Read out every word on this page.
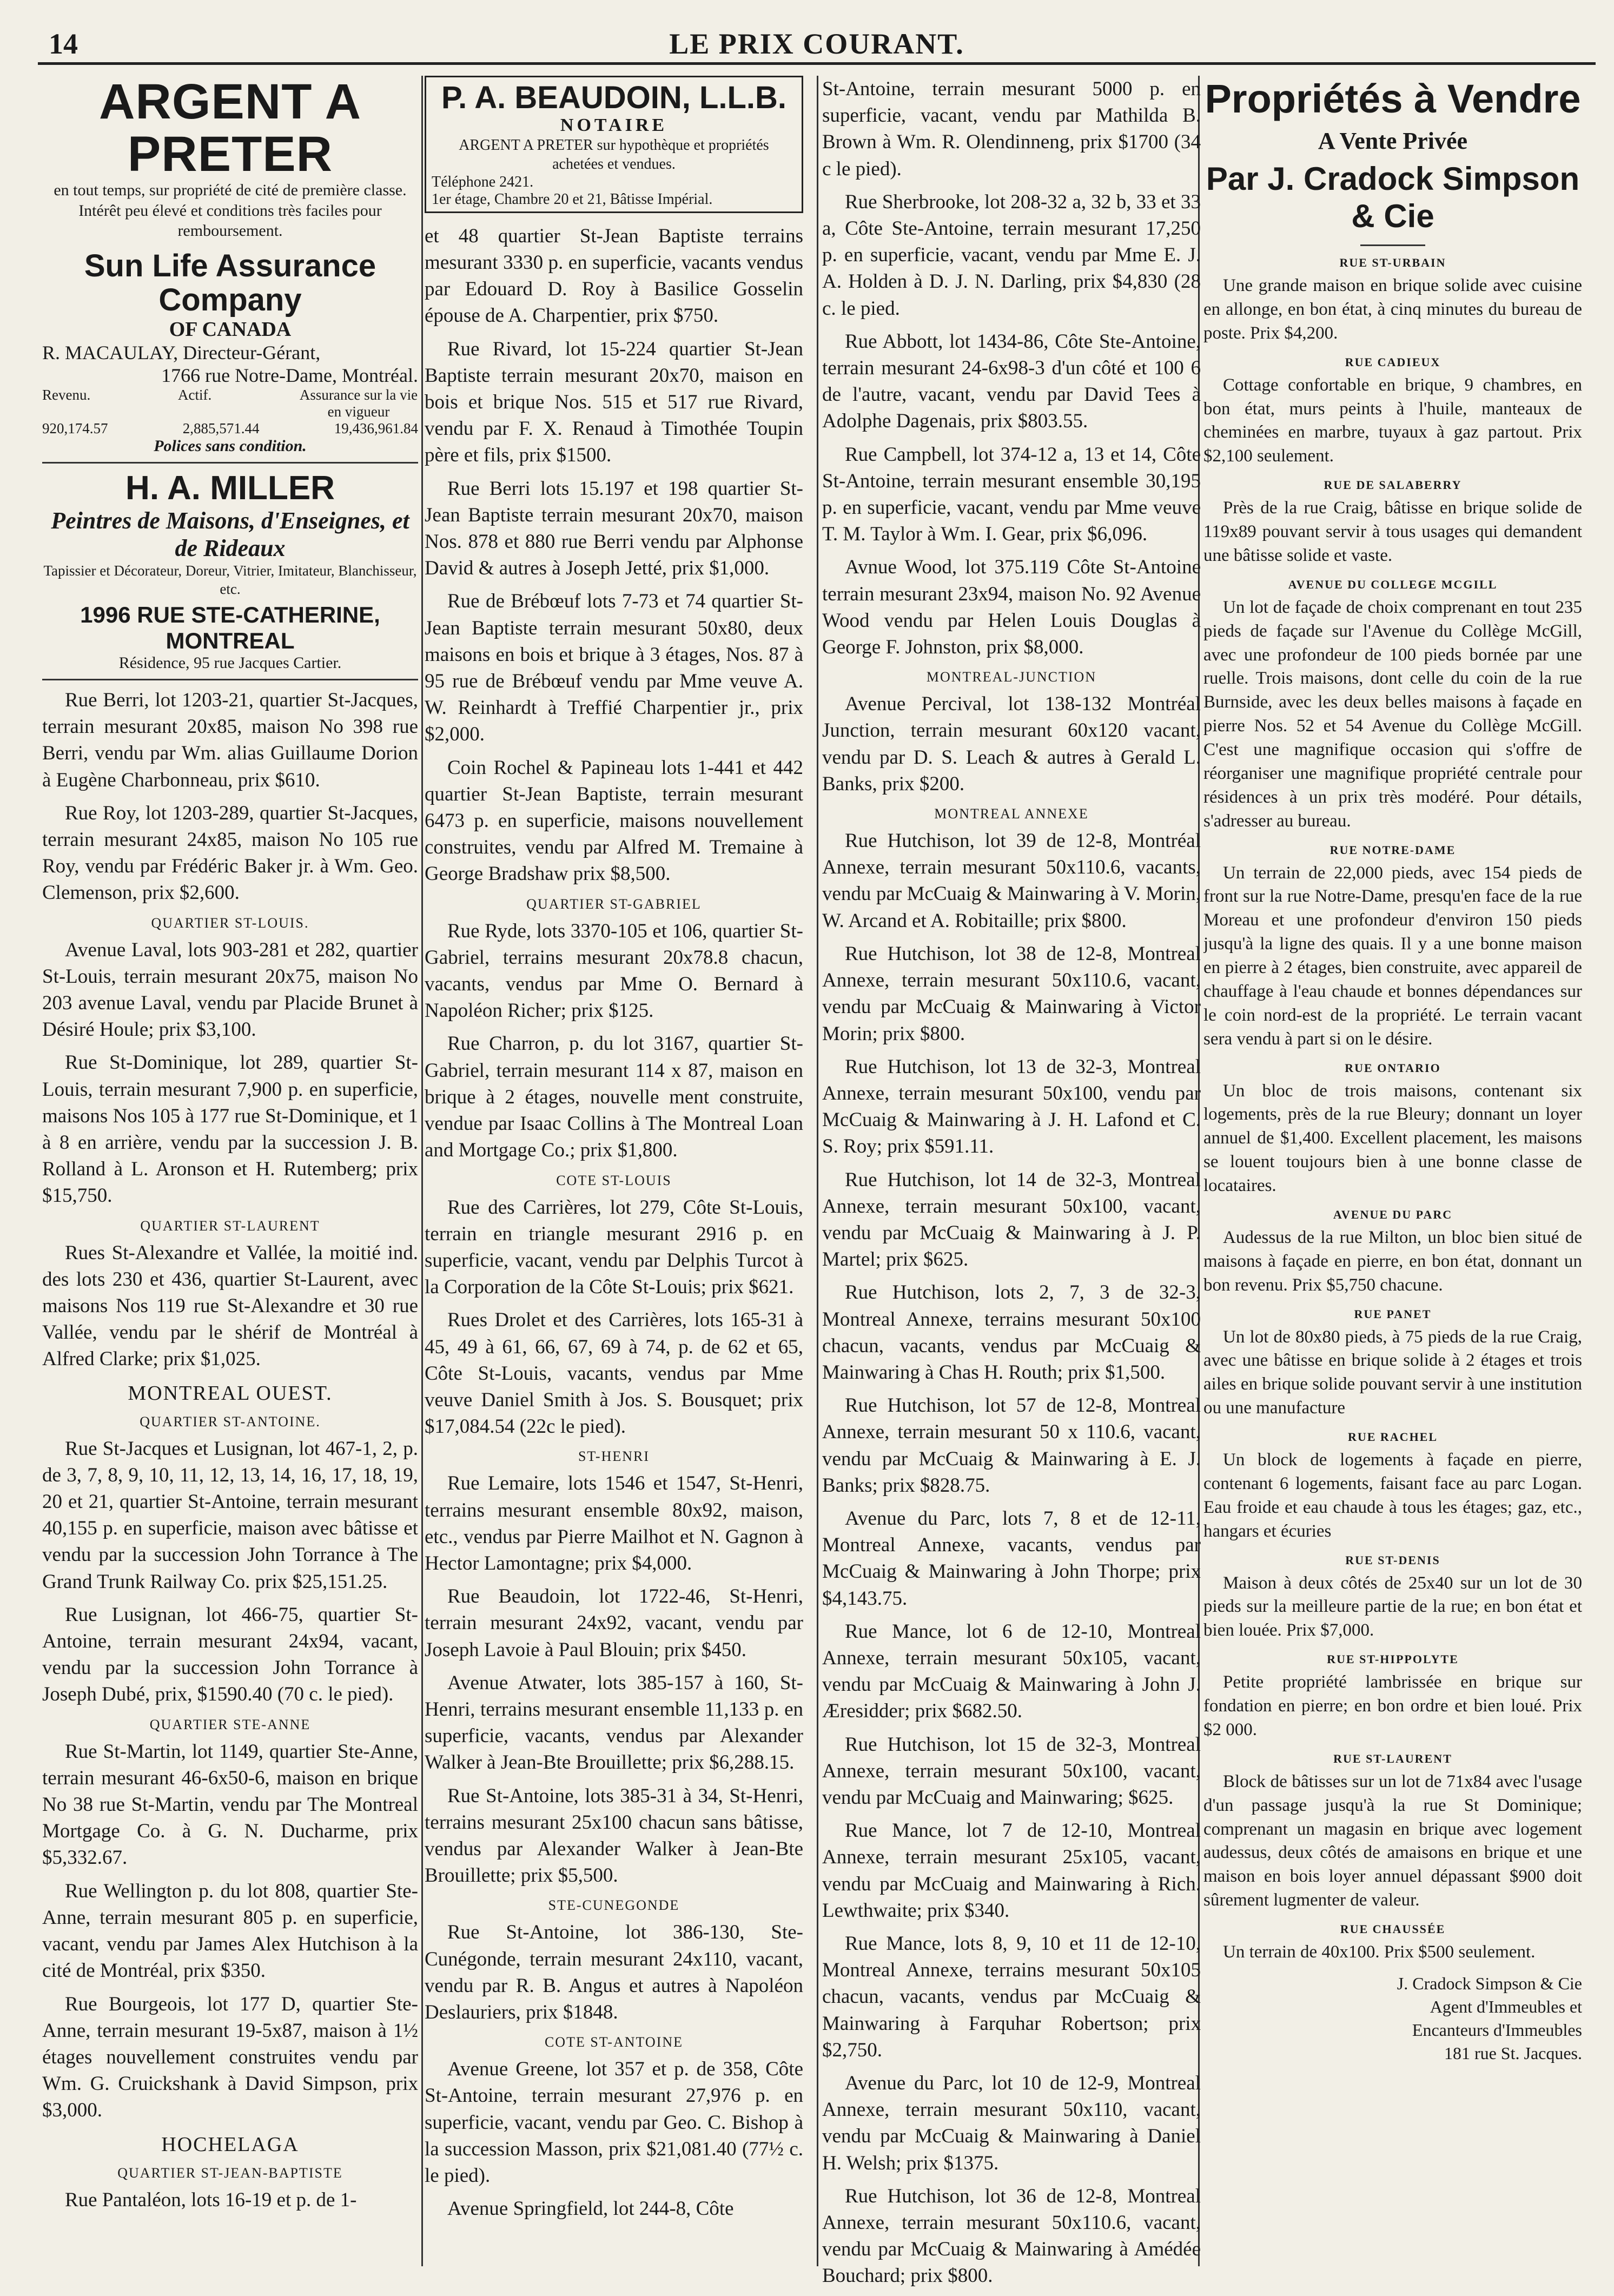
14	LE PRIX COURANT.
ARGENT A PRETER
en tout temps, sur propriété de cité de première classe. Intérêt peu élevé et conditions très faciles pour remboursement.
Sun Life Assurance Company
OF CANADA
R. MACAULAY, Directeur-Gérant,
1766 rue Notre-Dame, Montréal.
Revenu.	Actif.	Assurance sur la vie en vigueur
920,174.57	2,885,571.44	19,436,961.84
Polices sans condition.
H. A. MILLER
Peintres de Maisons, d'Enseignes, et de Rideaux
Tapissier et Décorateur, Doreur, Vitrier, Imitateur, Blanchisseur, etc.
1996 RUE STE-CATHERINE, MONTREAL
Résidence, 95 rue Jacques Cartier.

Rue Berri, lot 1203-21, quartier St-Jacques, terrain mesurant 20x85, maison No 398 rue Berri, vendu par Wm. alias Guillaume Dorion à Eugène Charbonneau, prix $610.

Rue Roy, lot 1203-289, quartier St-Jacques, terrain mesurant 24x85, maison No 105 rue Roy, vendu par Frédéric Baker jr. à Wm. Geo. Clemenson, prix $2,600.

QUARTIER ST-LOUIS.

Avenue Laval, lots 903-281 et 282, quartier St-Louis, terrain mesurant 20x75, maison No 203 avenue Laval, vendu par Placide Brunet à Désiré Houle; prix $3,100.

Rue St-Dominique, lot 289, quartier St-Louis, terrain mesurant 7,900 p. en superficie, maisons Nos 105 à 177 rue St-Dominique, et 1 à 8 en arrière, vendu par la succession J. B. Rolland à L. Aronson et H. Rutemberg; prix $15,750.

QUARTIER ST-LAURENT

Rues St-Alexandre et Vallée, la moitié ind. des lots 230 et 436, quartier St-Laurent, avec maisons Nos 119 rue St-Alexandre et 30 rue Vallée, vendu par le shérif de Montréal à Alfred Clarke; prix $1,025.

MONTREAL OUEST.
QUARTIER ST-ANTOINE.

Rue St-Jacques et Lusignan, lot 467-1, 2, p. de 3, 7, 8, 9, 10, 11, 12, 13, 14, 16, 17, 18, 19, 20 et 21, quartier St-Antoine, terrain mesurant 40,155 p. en superficie, maison avec bâtisse et vendu par la succession John Torrance à The Grand Trunk Railway Co. prix $25,151.25.

Rue Lusignan, lot 466-75, quartier St-Antoine, terrain mesurant 24x94, vacant, vendu par la succession John Torrance à Joseph Dubé, prix, $1590.40 (70 c. le pied).

QUARTIER STE-ANNE

Rue St-Martin, lot 1149, quartier Ste-Anne, terrain mesurant 46-6x50-6, maison en brique No 38 rue St-Martin, vendu par The Montreal Mortgage Co. à G. N. Ducharme, prix $5,332.67.

Rue Wellington p. du lot 808, quartier Ste-Anne, terrain mesurant 805 p. en superficie, vacant, vendu par James Alex Hutchison à la cité de Montréal, prix $350.

Rue Bourgeois, lot 177 D, quartier Ste-Anne, terrain mesurant 19-5x87, maison à 1½ étages nouvellement construites vendu par Wm. G. Cruickshank à David Simpson, prix $3,000.

HOCHELAGA
QUARTIER ST-JEAN-BAPTISTE

Rue Pantaléon, lots 16-19 et p. de 1-

P. A. BEAUDOIN, L.L.B.
NOTAIRE
ARGENT A PRETER sur hypothèque et propriétés achetées et vendues.
Téléphone 2421.
1er étage, Chambre 20 et 21, Bâtisse Impérial.

et 48 quartier St-Jean Baptiste terrains mesurant 3330 p. en superficie, vacants vendus par Edouard D. Roy à Basilice Gosselin épouse de A. Charpentier, prix $750.

Rue Rivard, lot 15-224 quartier St-Jean Baptiste terrain mesurant 20x70, maison en bois et brique Nos. 515 et 517 rue Rivard, vendu par F. X. Renaud à Timothée Toupin père et fils, prix $1500.

Rue Berri lots 15.197 et 198 quartier St-Jean Baptiste terrain mesurant 20x70, maison Nos. 878 et 880 rue Berri vendu par Alphonse David & autres à Joseph Jetté, prix $1,000.

Rue de Brébœuf lots 7-73 et 74 quartier St-Jean Baptiste terrain mesurant 50x80, deux maisons en bois et brique à 3 étages, Nos. 87 à 95 rue de Brébœuf vendu par Mme veuve A. W. Reinhardt à Treffié Charpentier jr., prix $2,000.

Coin Rochel & Papineau lots 1-441 et 442 quartier St-Jean Baptiste, terrain mesurant 6473 p. en superficie, maisons nouvellement construites, vendu par Alfred M. Tremaine à George Bradshaw prix $8,500.

QUARTIER ST-GABRIEL

Rue Ryde, lots 3370-105 et 106, quartier St-Gabriel, terrains mesurant 20x78.8 chacun, vacants, vendus par Mme O. Bernard à Napoléon Richer; prix $125.

Rue Charron, p. du lot 3167, quartier St-Gabriel, terrain mesurant 114 x 87, maison en brique à 2 étages, nouvelle ment construite, vendue par Isaac Collins à The Montreal Loan and Mortgage Co.; prix $1,800.

COTE ST-LOUIS

Rue des Carrières, lot 279, Côte St-Louis, terrain en triangle mesurant 2916 p. en superficie, vacant, vendu par Delphis Turcot à la Corporation de la Côte St-Louis; prix $621.

Rues Drolet et des Carrières, lots 165-31 à 45, 49 à 61, 66, 67, 69 à 74, p. de 62 et 65, Côte St-Louis, vacants, vendus par Mme veuve Daniel Smith à Jos. S. Bousquet; prix $17,084.54 (22c le pied).

ST-HENRI

Rue Lemaire, lots 1546 et 1547, St-Henri, terrains mesurant ensemble 80x92, maison, etc., vendus par Pierre Mailhot et N. Gagnon à Hector Lamontagne; prix $4,000.

Rue Beaudoin, lot 1722-46, St-Henri, terrain mesurant 24x92, vacant, vendu par Joseph Lavoie à Paul Blouin; prix $450.

Avenue Atwater, lots 385-157 à 160, St-Henri, terrains mesurant ensemble 11,133 p. en superficie, vacants, vendus par Alexander Walker à Jean-Bte Brouillette; prix $6,288.15.

Rue St-Antoine, lots 385-31 à 34, St-Henri, terrains mesurant 25x100 chacun sans bâtisse, vendus par Alexander Walker à Jean-Bte Brouillette; prix $5,500.

STE-CUNEGONDE

Rue St-Antoine, lot 386-130, Ste-Cunégonde, terrain mesurant 24x110, vacant, vendu par R. B. Angus et autres à Napoléon Deslauriers, prix $1848.

COTE ST-ANTOINE

Avenue Greene, lot 357 et p. de 358, Côte St-Antoine, terrain mesurant 27,976 p. en superficie, vacant, vendu par Geo. C. Bishop à la succession Masson, prix $21,081.40 (77½ c. le pied).

Avenue Springfield, lot 244-8, Côte

St-Antoine, terrain mesurant 5000 p. en superficie, vacant, vendu par Mathilda B. Brown à Wm. R. Olendinneng, prix $1700 (34 c le pied).

Rue Sherbrooke, lot 208-32 a, 32 b, 33 et 33 a, Côte Ste-Antoine, terrain mesurant 17,250 p. en superficie, vacant, vendu par Mme E. J. A. Holden à D. J. N. Darling, prix $4,830 (28 c. le pied.

Rue Abbott, lot 1434-86, Côte Ste-Antoine, terrain mesurant 24-6x98-3 d'un côté et 100 6 de l'autre, vacant, vendu par David Tees à Adolphe Dagenais, prix $803.55.

Rue Campbell, lot 374-12 a, 13 et 14, Côte St-Antoine, terrain mesurant ensemble 30,195 p. en superficie, vacant, vendu par Mme veuve T. M. Taylor à Wm. I. Gear, prix $6,096.

Avnue Wood, lot 375.119 Côte St-Antoine terrain mesurant 23x94, maison No. 92 Avenue Wood vendu par Helen Louis Douglas à George F. Johnston, prix $8,000.

MONTREAL-JUNCTION

Avenue Percival, lot 138-132 Montréal Junction, terrain mesurant 60x120 vacant, vendu par D. S. Leach & autres à Gerald L. Banks, prix $200.

MONTREAL ANNEXE

Rue Hutchison, lot 39 de 12-8, Montréal Annexe, terrain mesurant 50x110.6, vacants, vendu par McCuaig & Mainwaring à V. Morin, W. Arcand et A. Robitaille; prix $800.

Rue Hutchison, lot 38 de 12-8, Montreal Annexe, terrain mesurant 50x110.6, vacant, vendu par McCuaig & Mainwaring à Victor Morin; prix $800.

Rue Hutchison, lot 13 de 32-3, Montreal Annexe, terrain mesurant 50x100, vendu par McCuaig & Mainwaring à J. H. Lafond et C. S. Roy; prix $591.11.

Rue Hutchison, lot 14 de 32-3, Montreal Annexe, terrain mesurant 50x100, vacant, vendu par McCuaig & Mainwaring à J. P. Martel; prix $625.

Rue Hutchison, lots 2, 7, 3 de 32-3, Montreal Annexe, terrains mesurant 50x100 chacun, vacants, vendus par McCuaig & Mainwaring à Chas H. Routh; prix $1,500.

Rue Hutchison, lot 57 de 12-8, Montreal Annexe, terrain mesurant 50 x 110.6, vacant, vendu par McCuaig & Mainwaring à E. J. Banks; prix $828.75.

Avenue du Parc, lots 7, 8 et de 12-11, Montreal Annexe, vacants, vendus par McCuaig & Mainwaring à John Thorpe; prix $4,143.75.

Rue Mance, lot 6 de 12-10, Montreal Annexe, terrain mesurant 50x105, vacant, vendu par McCuaig & Mainwaring à John J. Æresidder; prix $682.50.

Rue Hutchison, lot 15 de 32-3, Montreal Annexe, terrain mesurant 50x100, vacant, vendu par McCuaig and Mainwaring; $625.

Rue Mance, lot 7 de 12-10, Montreal Annexe, terrain mesurant 25x105, vacant, vendu par McCuaig and Mainwaring à Rich. Lewthwaite; prix $340.

Rue Mance, lots 8, 9, 10 et 11 de 12-10, Montreal Annexe, terrains mesurant 50x105 chacun, vacants, vendus par McCuaig & Mainwaring à Farquhar Robertson; prix $2,750.

Avenue du Parc, lot 10 de 12-9, Montreal Annexe, terrain mesurant 50x110, vacant, vendu par McCuaig & Mainwaring à Daniel H. Welsh; prix $1375.

Rue Hutchison, lot 36 de 12-8, Montreal Annexe, terrain mesurant 50x110.6, vacant, vendu par McCuaig & Mainwaring à Amédée Bouchard; prix $800.

Propriétés à Vendre
A Vente Privée
Par J. Cradock Simpson & Cie
RUE ST-URBAIN

Une grande maison en brique solide avec cuisine en allonge, en bon état, à cinq minutes du bureau de poste. Prix $4,200.

RUE CADIEUX

Cottage confortable en brique, 9 chambres, en bon état, murs peints à l'huile, manteaux de cheminées en marbre, tuyaux à gaz partout. Prix $2,100 seulement.

RUE DE SALABERRY

Près de la rue Craig, bâtisse en brique solide de 119x89 pouvant servir à tous usages qui demandent une bâtisse solide et vaste.

AVENUE DU COLLEGE MCGILL

Un lot de façade de choix comprenant en tout 235 pieds de façade sur l'Avenue du Collège McGill, avec une profondeur de 100 pieds bornée par une ruelle. Trois maisons, dont celle du coin de la rue Burnside, avec les deux belles maisons à façade en pierre Nos. 52 et 54 Avenue du Collège McGill. C'est une magnifique occasion qui s'offre de réorganiser une magnifique propriété centrale pour résidences à un prix très modéré. Pour détails, s'adresser au bureau.

RUE NOTRE-DAME

Un terrain de 22,000 pieds, avec 154 pieds de front sur la rue Notre-Dame, presqu'en face de la rue Moreau et une profondeur d'environ 150 pieds jusqu'à la ligne des quais. Il y a une bonne maison en pierre à 2 étages, bien construite, avec appareil de chauffage à l'eau chaude et bonnes dépendances sur le coin nord-est de la propriété. Le terrain vacant sera vendu à part si on le désire.

RUE ONTARIO

Un bloc de trois maisons, contenant six logements, près de la rue Bleury; donnant un loyer annuel de $1,400. Excellent placement, les maisons se louent toujours bien à une bonne classe de locataires.

AVENUE DU PARC

Audessus de la rue Milton, un bloc bien situé de maisons à façade en pierre, en bon état, donnant un bon revenu. Prix $5,750 chacune.

RUE PANET

Un lot de 80x80 pieds, à 75 pieds de la rue Craig, avec une bâtisse en brique solide à 2 étages et trois ailes en brique solide pouvant servir à une institution ou une manufacture

RUE RACHEL

Un block de logements à façade en pierre, contenant 6 logements, faisant face au parc Logan. Eau froide et eau chaude à tous les étages; gaz, etc., hangars et écuries

RUE ST-DENIS

Maison à deux côtés de 25x40 sur un lot de 30 pieds sur la meilleure partie de la rue; en bon état et bien louée. Prix $7,000.

RUE ST-HIPPOLYTE

Petite propriété lambrissée en brique sur fondation en pierre; en bon ordre et bien loué. Prix $2 000.

RUE ST-LAURENT

Block de bâtisses sur un lot de 71x84 avec l'usage d'un passage jusqu'à la rue St Dominique; comprenant un magasin en brique avec logement audessus, deux côtés de amaisons en brique et une maison en bois loyer annuel dépassant $900 doit sûrement lugmenter de valeur.

RUE CHAUSSÉE

Un terrain de 40x100. Prix $500 seulement.

J. Cradock Simpson & Cie
Agent d'Immeubles et
Encanteurs d'Immeubles
181 rue St. Jacques.
